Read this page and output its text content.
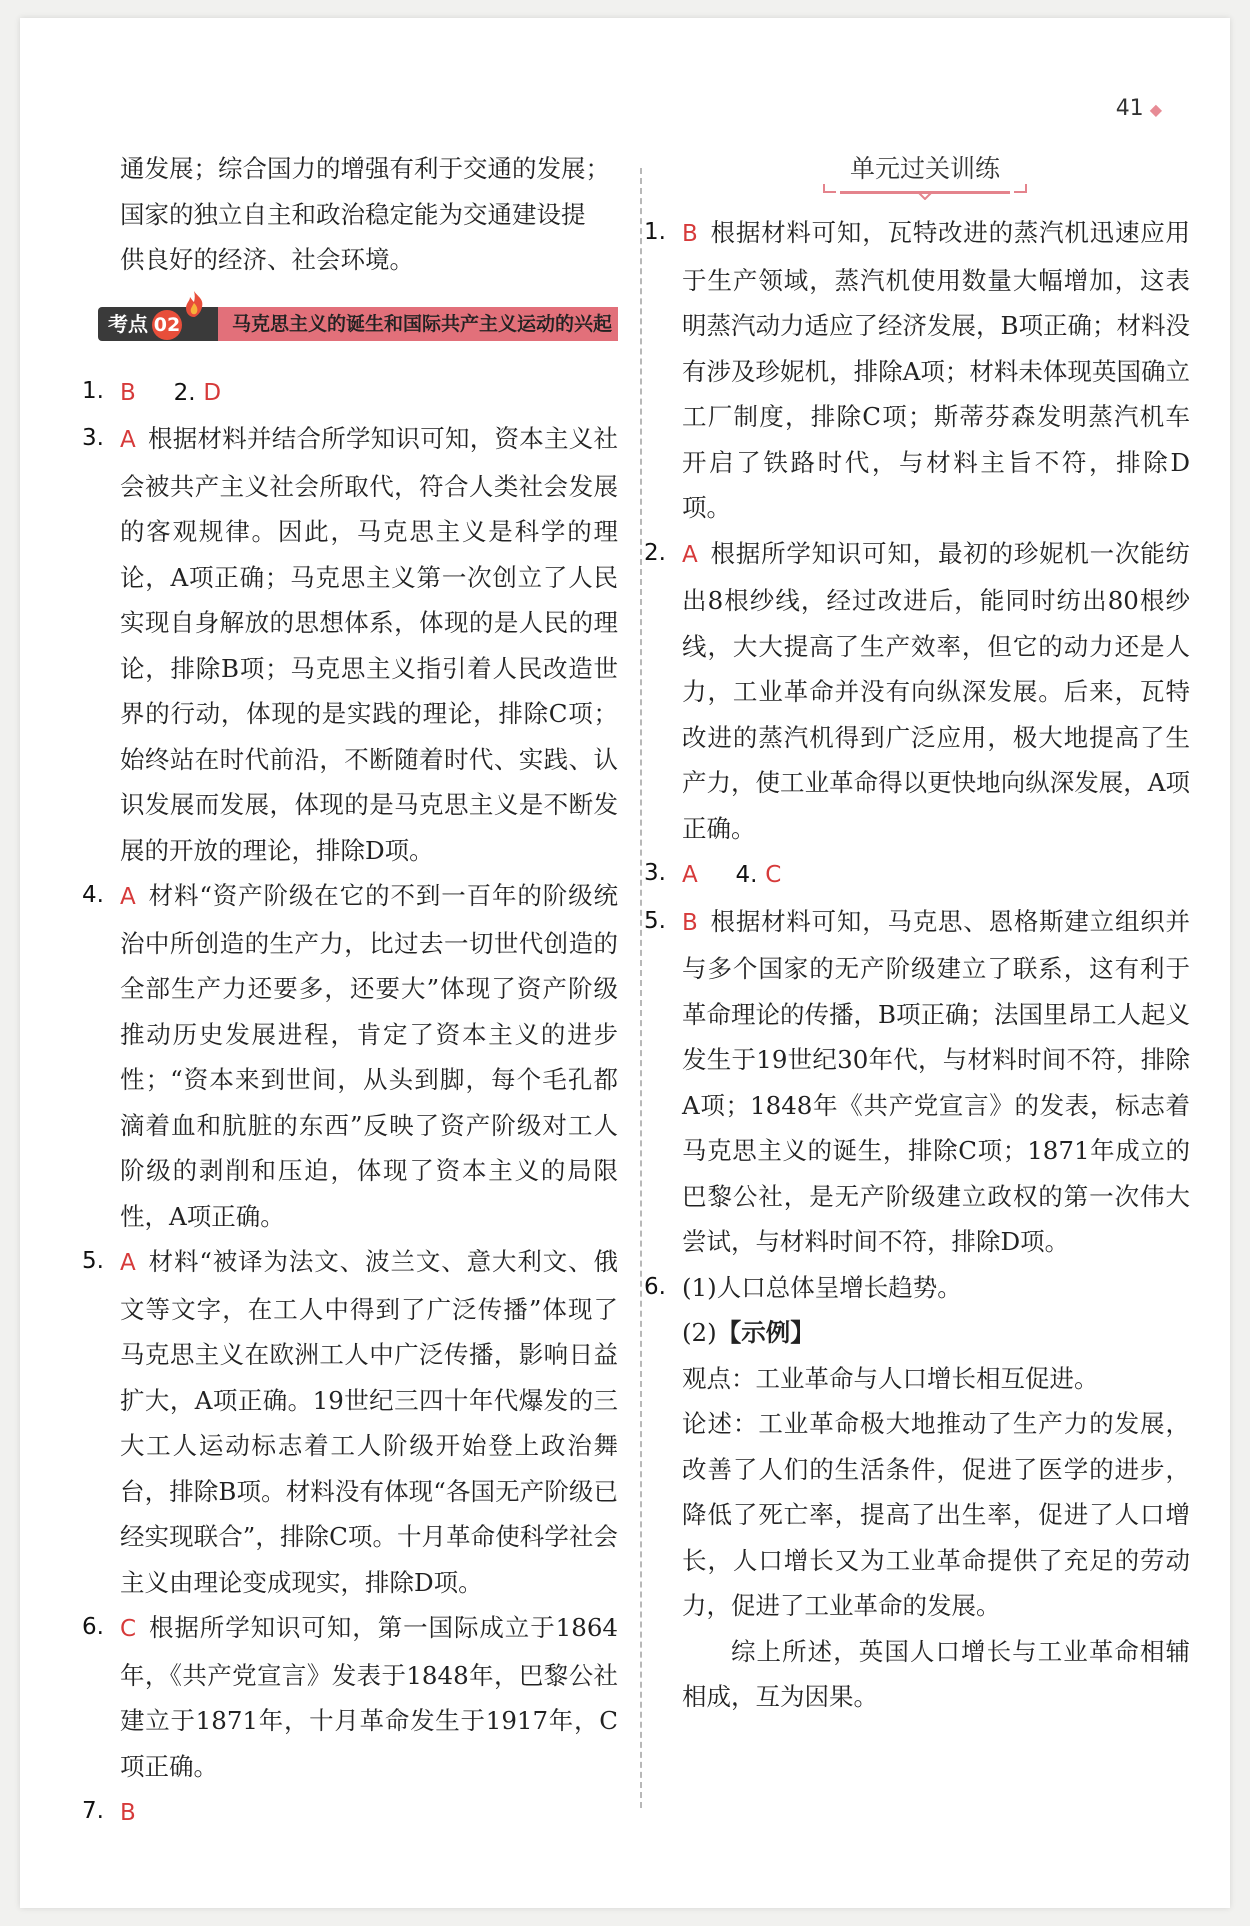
41 ◆

通发展；综合国力的增强有利于交通的发展；

国家的独立自主和政治稳定能为交通建设提

供良好的经济、社会环境。

考点 02	马克思主义的诞生和国际共产主义运动的兴起
1. B 2. D
3. A 根据材料并结合所学知识可知，资本主义社会被共产主义社会所取代，符合人类社会发展的客观规律。因此，马克思主义是科学的理论，A项正确；马克思主义第一次创立了人民实现自身解放的思想体系，体现的是人民的理论，排除B项；马克思主义指引着人民改造世界的行动，体现的是实践的理论，排除C项；始终站在时代前沿，不断随着时代、实践、认识发展而发展，体现的是马克思主义是不断发展的开放的理论，排除D项。
4. A 材料“资产阶级在它的不到一百年的阶级统治中所创造的生产力，比过去一切世代创造的全部生产力还要多，还要大”体现了资产阶级推动历史发展进程，肯定了资本主义的进步性；“资本来到世间，从头到脚，每个毛孔都滴着血和肮脏的东西”反映了资产阶级对工人阶级的剥削和压迫，体现了资本主义的局限性，A项正确。
5. A 材料“被译为法文、波兰文、意大利文、俄文等文字，在工人中得到了广泛传播”体现了马克思主义在欧洲工人中广泛传播，影响日益扩大，A项正确。19世纪三四十年代爆发的三大工人运动标志着工人阶级开始登上政治舞台，排除B项。材料没有体现“各国无产阶级已经实现联合”，排除C项。十月革命使科学社会主义由理论变成现实，排除D项。
6. C 根据所学知识可知，第一国际成立于1864年，《共产党宣言》发表于1848年，巴黎公社建立于1871年，十月革命发生于1917年，C项正确。
7. B
单元过关训练
1. B 根据材料可知，瓦特改进的蒸汽机迅速应用于生产领域，蒸汽机使用数量大幅增加，这表明蒸汽动力适应了经济发展，B项正确；材料没有涉及珍妮机，排除A项；材料未体现英国确立工厂制度，排除C项；斯蒂芬森发明蒸汽机车开启了铁路时代，与材料主旨不符，排除D项。
2. A 根据所学知识可知，最初的珍妮机一次能纺出8根纱线，经过改进后，能同时纺出80根纱线，大大提高了生产效率，但它的动力还是人力，工业革命并没有向纵深发展。后来，瓦特改进的蒸汽机得到广泛应用，极大地提高了生产力，使工业革命得以更快地向纵深发展，A项正确。
3. A 4. C
5. B 根据材料可知，马克思、恩格斯建立组织并与多个国家的无产阶级建立了联系，这有利于革命理论的传播，B项正确；法国里昂工人起义发生于19世纪30年代，与材料时间不符，排除A项；1848年《共产党宣言》的发表，标志着马克思主义的诞生，排除C项；1871年成立的巴黎公社，是无产阶级建立政权的第一次伟大尝试，与材料时间不符，排除D项。
6. (1)人口总体呈增长趋势。
(2)【示例】
观点：工业革命与人口增长相互促进。
论述：工业革命极大地推动了生产力的发展，改善了人们的生活条件，促进了医学的进步，降低了死亡率，提高了出生率，促进了人口增长，人口增长又为工业革命提供了充足的劳动力，促进了工业革命的发展。
综上所述，英国人口增长与工业革命相辅相成，互为因果。
